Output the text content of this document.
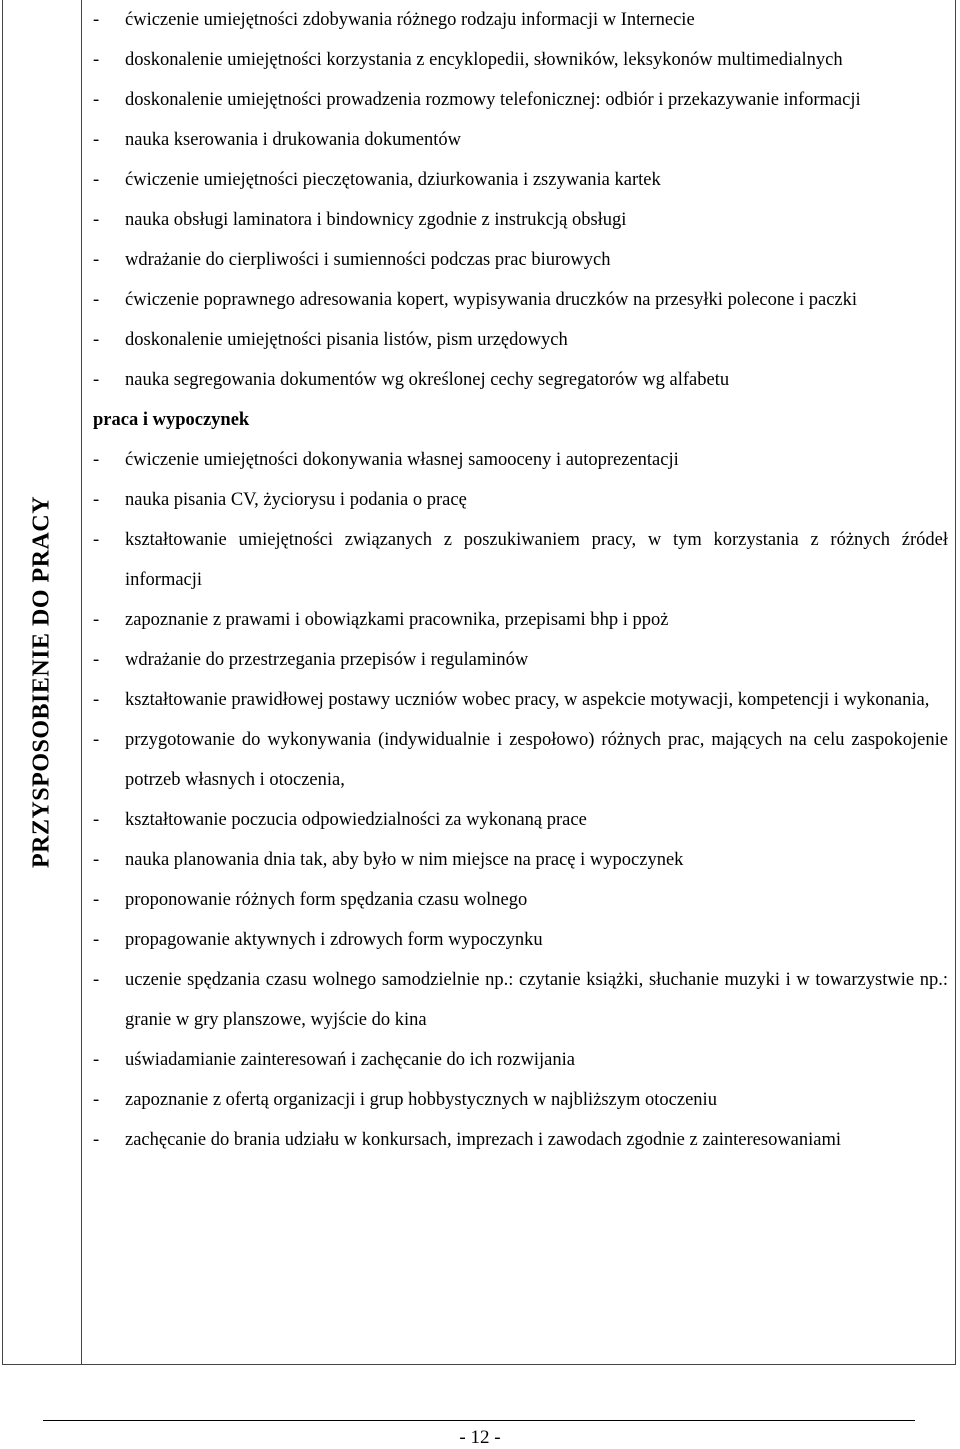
PRZYSPOSOBIENIE DO PRACY
- ćwiczenie umiejętności zdobywania różnego rodzaju informacji w Internecie
- doskonalenie umiejętności korzystania z encyklopedii, słowników, leksykonów multimedialnych
- doskonalenie umiejętności prowadzenia rozmowy telefonicznej: odbiór i przekazywanie informacji
- nauka kserowania i drukowania dokumentów
- ćwiczenie umiejętności pieczętowania, dziurkowania i zszywania kartek
- nauka obsługi laminatora i bindownicy zgodnie z instrukcją obsługi
- wdrażanie do cierpliwości i sumienności podczas prac biurowych
- ćwiczenie poprawnego adresowania kopert, wypisywania druczków na przesyłki polecone i paczki
- doskonalenie umiejętności pisania listów, pism urzędowych
- nauka segregowania dokumentów wg określonej cechy segregatorów wg alfabetu
praca i wypoczynek
- ćwiczenie umiejętności dokonywania własnej samooceny i autoprezentacji
- nauka pisania CV, życiorysu i podania o pracę
- kształtowanie umiejętności związanych z poszukiwaniem pracy, w tym korzystania z różnych źródeł informacji
- zapoznanie z prawami i obowiązkami pracownika, przepisami bhp i ppoż
- wdrażanie do przestrzegania przepisów i regulaminów
- kształtowanie prawidłowej postawy uczniów wobec pracy, w aspekcie motywacji, kompetencji i wykonania,
- przygotowanie do wykonywania (indywidualnie i zespołowo) różnych prac, mających na celu zaspokojenie potrzeb własnych i otoczenia,
- kształtowanie poczucia odpowiedzialności za wykonaną prace
- nauka planowania dnia tak, aby było w nim miejsce na pracę i wypoczynek
- proponowanie różnych form spędzania czasu wolnego
- propagowanie aktywnych i zdrowych form wypoczynku
- uczenie spędzania czasu wolnego samodzielnie np.: czytanie książki, słuchanie muzyki i w towarzystwie np.: granie w gry planszowe, wyjście do kina
- uświadamianie zainteresowań i zachęcanie do ich rozwijania
- zapoznanie z ofertą organizacji i grup hobbystycznych w najbliższym otoczeniu
- zachęcanie do brania udziału w konkursach, imprezach i zawodach zgodnie z zainteresowaniami
- 12 -
